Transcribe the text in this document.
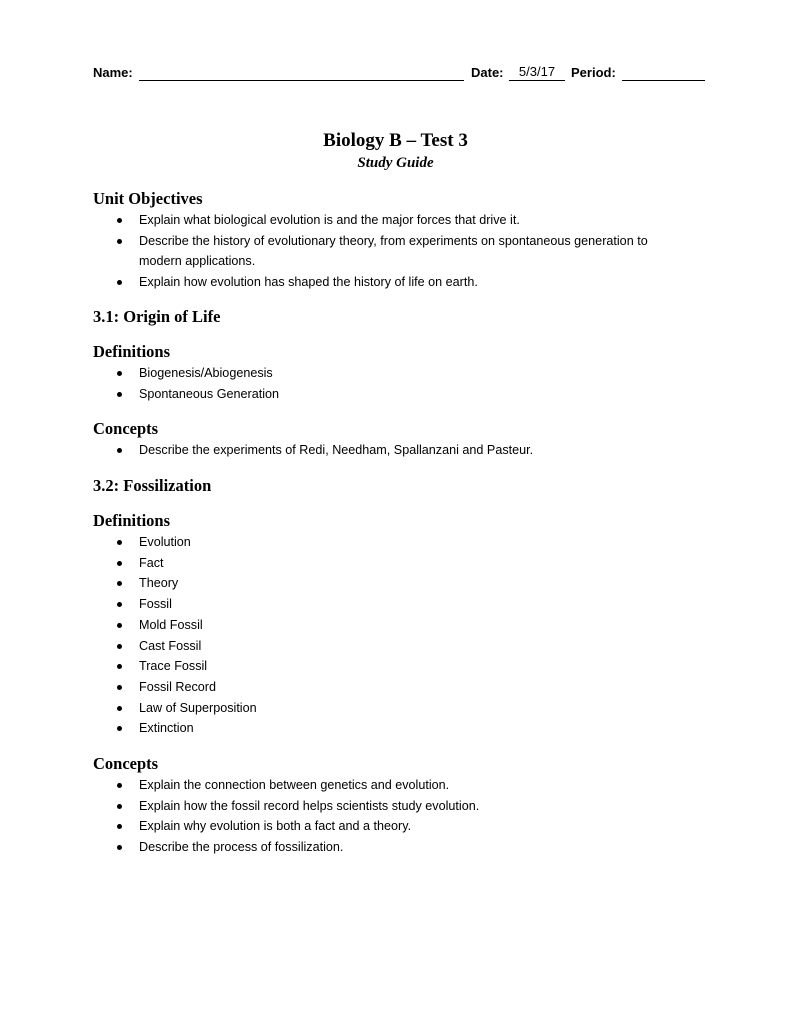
Name:	Date:	5/3/17	Period:
Biology B – Test 3
Study Guide
Unit Objectives
Explain what biological evolution is and the major forces that drive it.
Describe the history of evolutionary theory, from experiments on spontaneous generation to modern applications.
Explain how evolution has shaped the history of life on earth.
3.1: Origin of Life
Definitions
Biogenesis/Abiogenesis
Spontaneous Generation
Concepts
Describe the experiments of Redi, Needham, Spallanzani and Pasteur.
3.2: Fossilization
Definitions
Evolution
Fact
Theory
Fossil
Mold Fossil
Cast Fossil
Trace Fossil
Fossil Record
Law of Superposition
Extinction
Concepts
Explain the connection between genetics and evolution.
Explain how the fossil record helps scientists study evolution.
Explain why evolution is both a fact and a theory.
Describe the process of fossilization.
